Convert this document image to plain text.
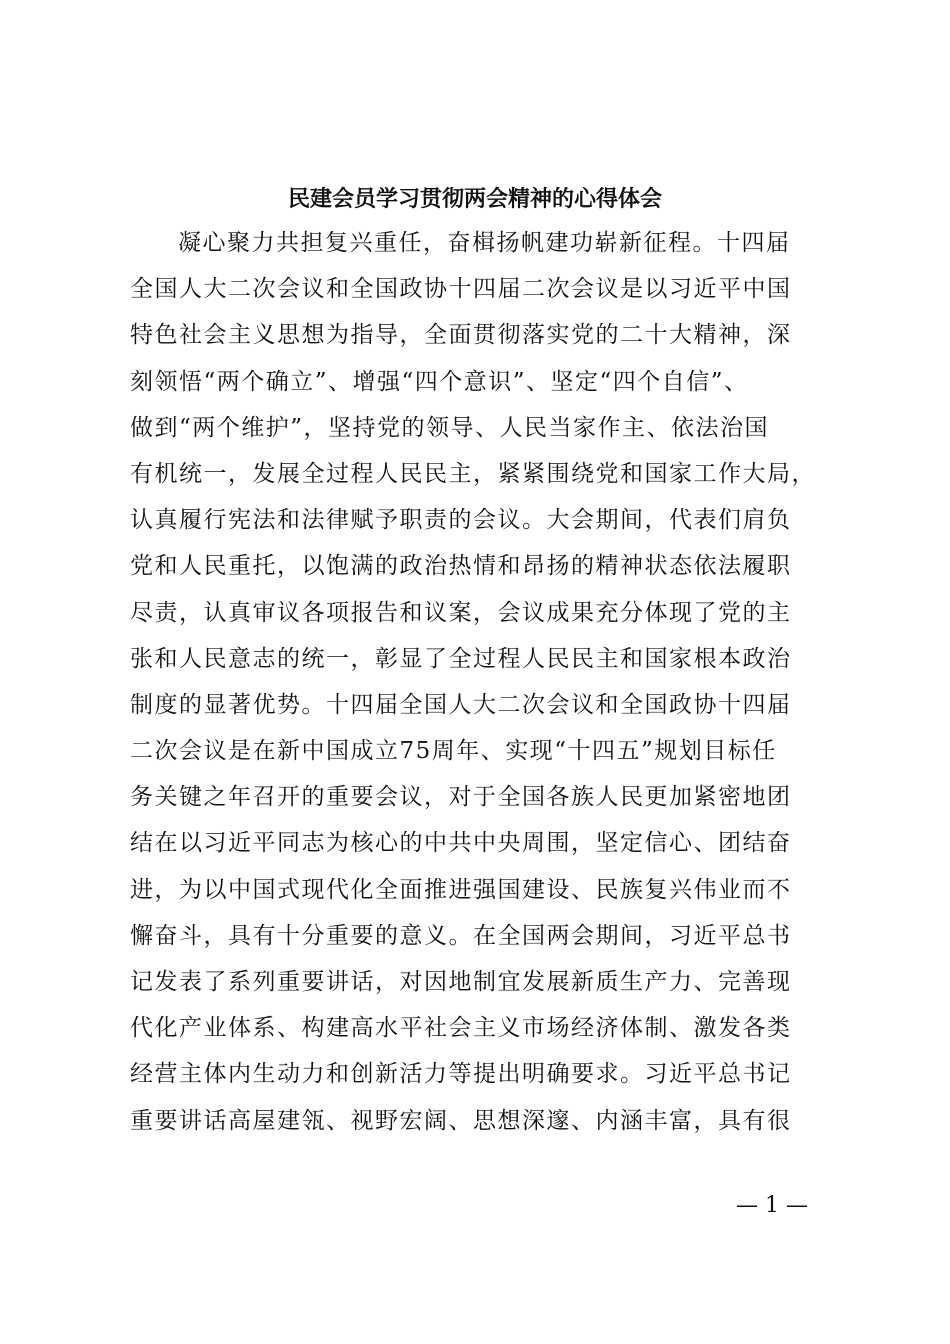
民建会员学习贯彻两会精神的心得体会
凝心聚力共担复兴重任，奋楫扬帆建功崭新征程。十四届
全国人大二次会议和全国政协十四届二次会议是以习近平中国
特色社会主义思想为指导，全面贯彻落实党的二十大精神，深
刻领悟“两个确立”、增强“四个意识”、坚定“四个自信”、
做到“两个维护”，坚持党的领导、人民当家作主、依法治国
有机统一，发展全过程人民民主，紧紧围绕党和国家工作大局，
认真履行宪法和法律赋予职责的会议。大会期间，代表们肩负
党和人民重托，以饱满的政治热情和昂扬的精神状态依法履职
尽责，认真审议各项报告和议案，会议成果充分体现了党的主
张和人民意志的统一，彰显了全过程人民民主和国家根本政治
制度的显著优势。十四届全国人大二次会议和全国政协十四届
二次会议是在新中国成立75周年、实现“十四五”规划目标任
务关键之年召开的重要会议，对于全国各族人民更加紧密地团
结在以习近平同志为核心的中共中央周围，坚定信心、团结奋
进，为以中国式现代化全面推进强国建设、民族复兴伟业而不
懈奋斗，具有十分重要的意义。在全国两会期间，习近平总书
记发表了系列重要讲话，对因地制宜发展新质生产力、完善现
代化产业体系、构建高水平社会主义市场经济体制、激发各类
经营主体内生动力和创新活力等提出明确要求。习近平总书记
重要讲话高屋建瓴、视野宏阔、思想深邃、内涵丰富，具有很
— 1 —
